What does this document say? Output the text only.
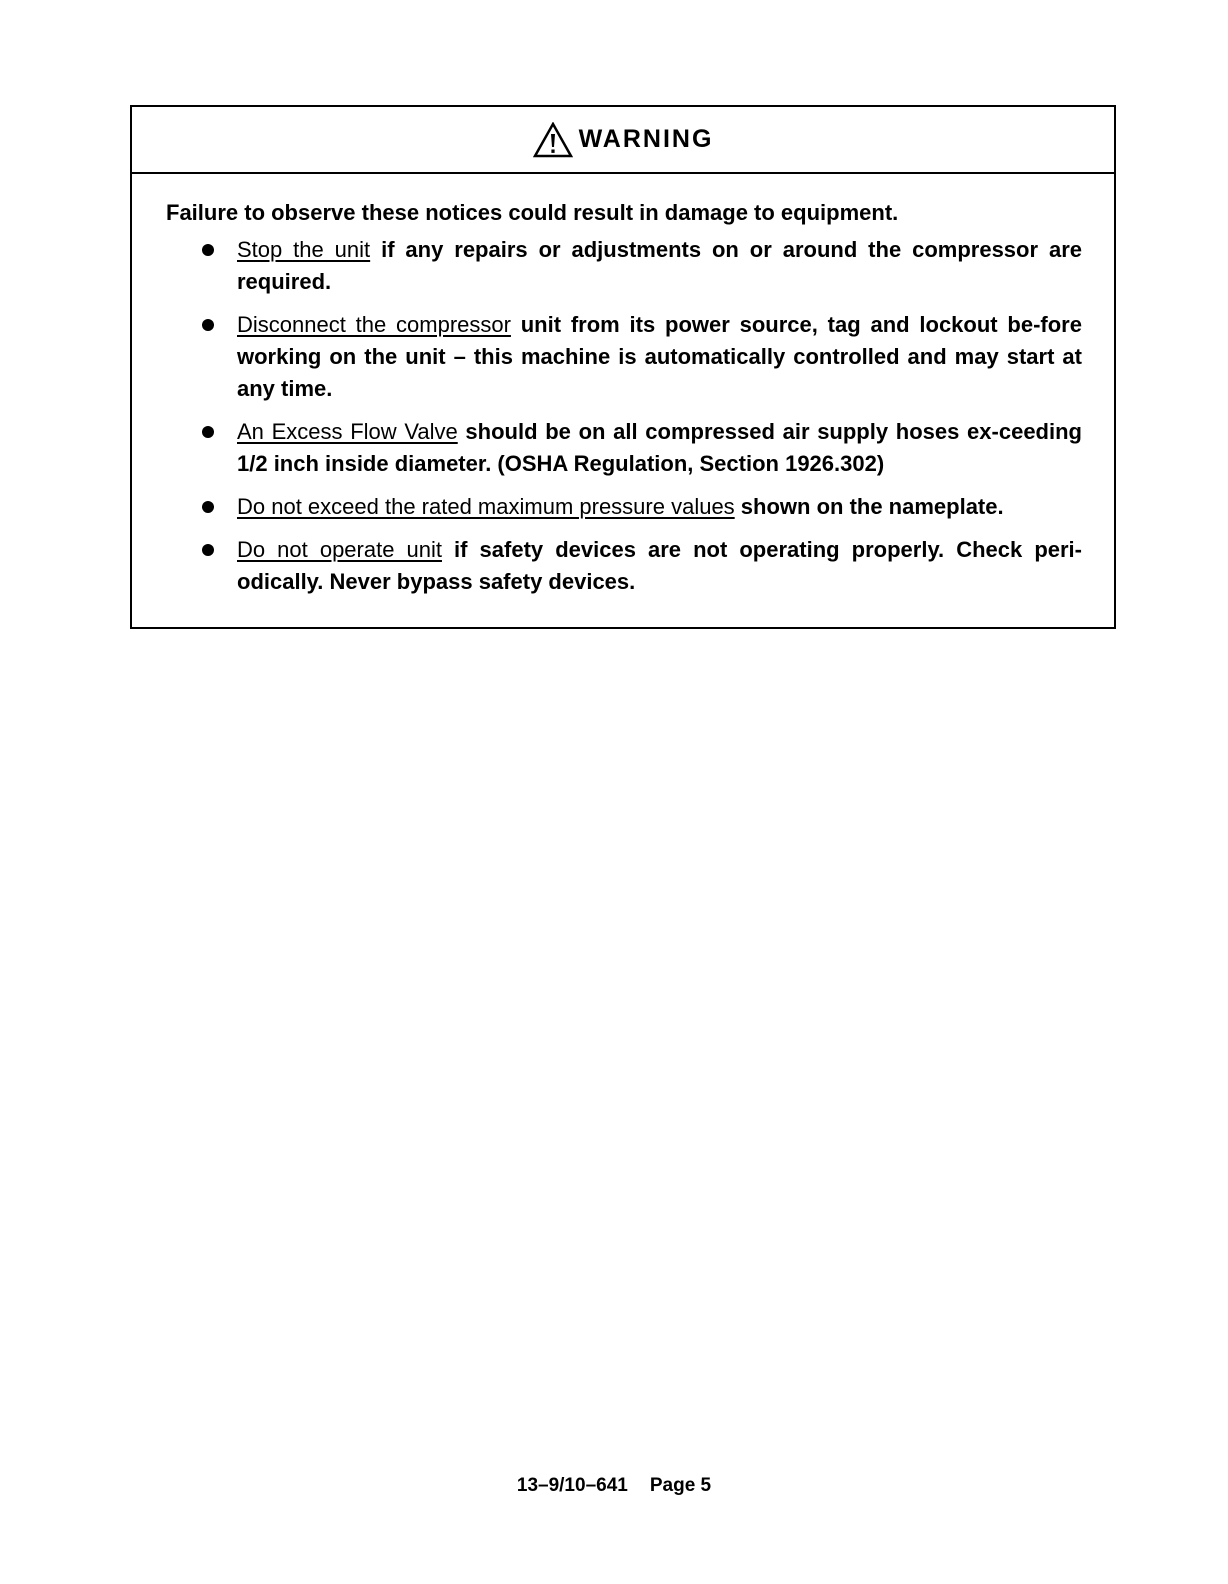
WARNING

Failure to observe these notices could result in damage to equipment.

Stop the unit if any repairs or adjustments on or around the compressor are required.
Disconnect the compressor unit from its power source, tag and lockout be-fore working on the unit – this machine is automatically controlled and may start at any time.
An Excess Flow Valve should be on all compressed air supply hoses ex-ceeding 1/2 inch inside diameter. (OSHA Regulation, Section 1926.302)
Do not exceed the rated maximum pressure values shown on the nameplate.
Do not operate unit if safety devices are not operating properly. Check peri-odically. Never bypass safety devices.
13–9/10–641 Page 5
